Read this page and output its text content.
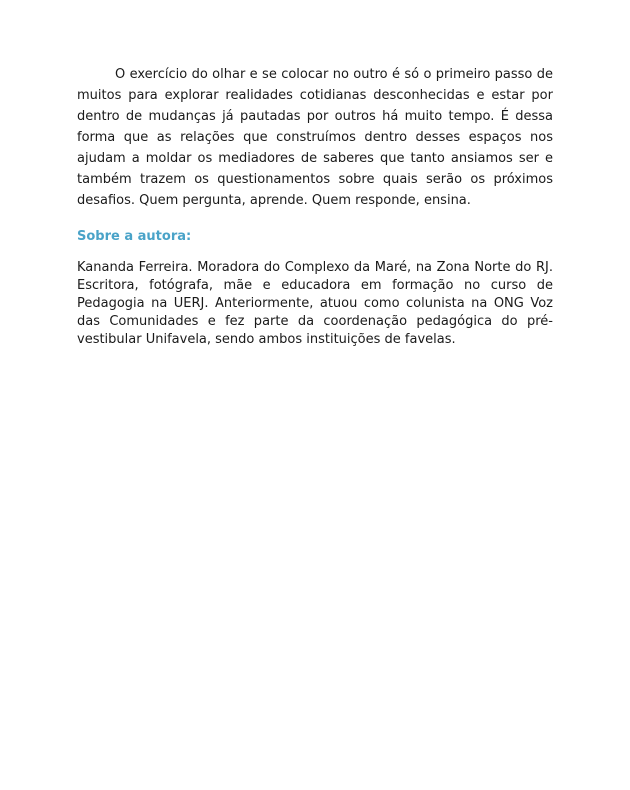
O exercício do olhar e se colocar no outro é só o primeiro passo de muitos para explorar realidades cotidianas desconhecidas e estar por dentro de mudanças já pautadas por outros há muito tempo. É dessa forma que as relações que construímos dentro desses espaços nos ajudam a moldar os mediadores de saberes que tanto ansiamos ser e também trazem os questionamentos sobre quais serão os próximos desafios. Quem pergunta, aprende. Quem responde, ensina.

Sobre a autora:

Kananda Ferreira. Moradora do Complexo da Maré, na Zona Norte do RJ. Escritora, fotógrafa, mãe e educadora em formação no curso de Pedagogia na UERJ. Anteriormente, atuou como colunista na ONG Voz das Comunidades e fez parte da coordenação pedagógica do pré-vestibular Unifavela, sendo ambos instituições de favelas.
